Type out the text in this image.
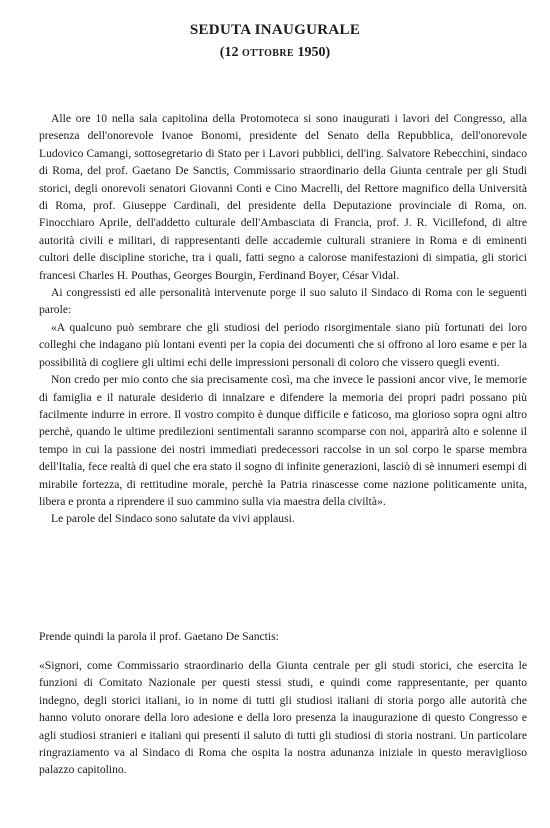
SEDUTA INAUGURALE
(12 OTTOBRE 1950)

Alle ore 10 nella sala capitolina della Protomoteca si sono inaugurati i lavori del Congresso, alla presenza dell'onorevole Ivanoe Bonomi, presidente del Senato della Repubblica, dell'onorevole Ludovico Camangi, sottosegretario di Stato per i Lavori pubblici, dell'ing. Salvatore Rebecchini, sindaco di Roma, del prof. Gaetano De Sanctis, Commissario straordinario della Giunta centrale per gli Studi storici, degli onorevoli senatori Giovanni Conti e Cino Macrelli, del Rettore magnifico della Università di Roma, prof. Giuseppe Cardinali, del presidente della Deputazione provinciale di Roma, on. Finocchiaro Aprile, dell'addetto culturale dell'Ambasciata di Francia, prof. J. R. Vicillefond, di altre autorità civili e militari, di rappresentanti delle accademie culturali straniere in Roma e di eminenti cultori delle discipline storiche, tra i quali, fatti segno a calorose manifestazioni di simpatia, gli storici francesi Charles H. Pouthas, Georges Bourgin, Ferdinand Boyer, César Vidal.

Ai congressisti ed alle personalità intervenute porge il suo saluto il Sindaco di Roma con le seguenti parole:

«A qualcuno può sembrare che gli studiosi del periodo risorgimentale siano più fortunati dei loro colleghi che indagano più lontani eventi per la copia dei documenti che si offrono al loro esame e per la possibilità di cogliere gli ultimi echi delle impressioni personali di coloro che vissero quegli eventi.

Non credo per mio conto che sia precisamente così, ma che invece le passioni ancor vive, le memorie di famiglia e il naturale desiderio di innalzare e difendere la memoria dei propri padri possano più facilmente indurre in errore. Il vostro compito è dunque difficile e faticoso, ma glorioso sopra ogni altro perchè, quando le ultime predilezioni sentimentali saranno scomparse con noi, apparirà alto e solenne il tempo in cui la passione dei nostri immediati predecessori raccolse in un sol corpo le sparse membra dell'Italia, fece realtà di quel che era stato il sogno di infinite generazioni, lasciò di sè innumeri esempi di mirabile fortezza, di rettitudine morale, perchè la Patria rinascesse come nazione politicamente unita, libera e pronta a riprendere il suo cammino sulla via maestra della civiltà».

Le parole del Sindaco sono salutate da vivi applausi.

Prende quindi la parola il prof. Gaetano De Sanctis:

«Signori, come Commissario straordinario della Giunta centrale per gli studi storici, che esercita le funzioni di Comitato Nazionale per questi stessi studi, e quindi come rappresentante, per quanto indegno, degli storici italiani, io in nome di tutti gli studiosi italiani di storia porgo alle autorità che hanno voluto onorare della loro adesione e della loro presenza la inaugurazione di questo Congresso e agli studiosi stranieri e italiani qui presenti il saluto di tutti gli studiosi di storia nostrani. Un particolare ringraziamento va al Sindaco di Roma che ospita la nostra adunanza iniziale in questo meraviglioso palazzo capitolino.
